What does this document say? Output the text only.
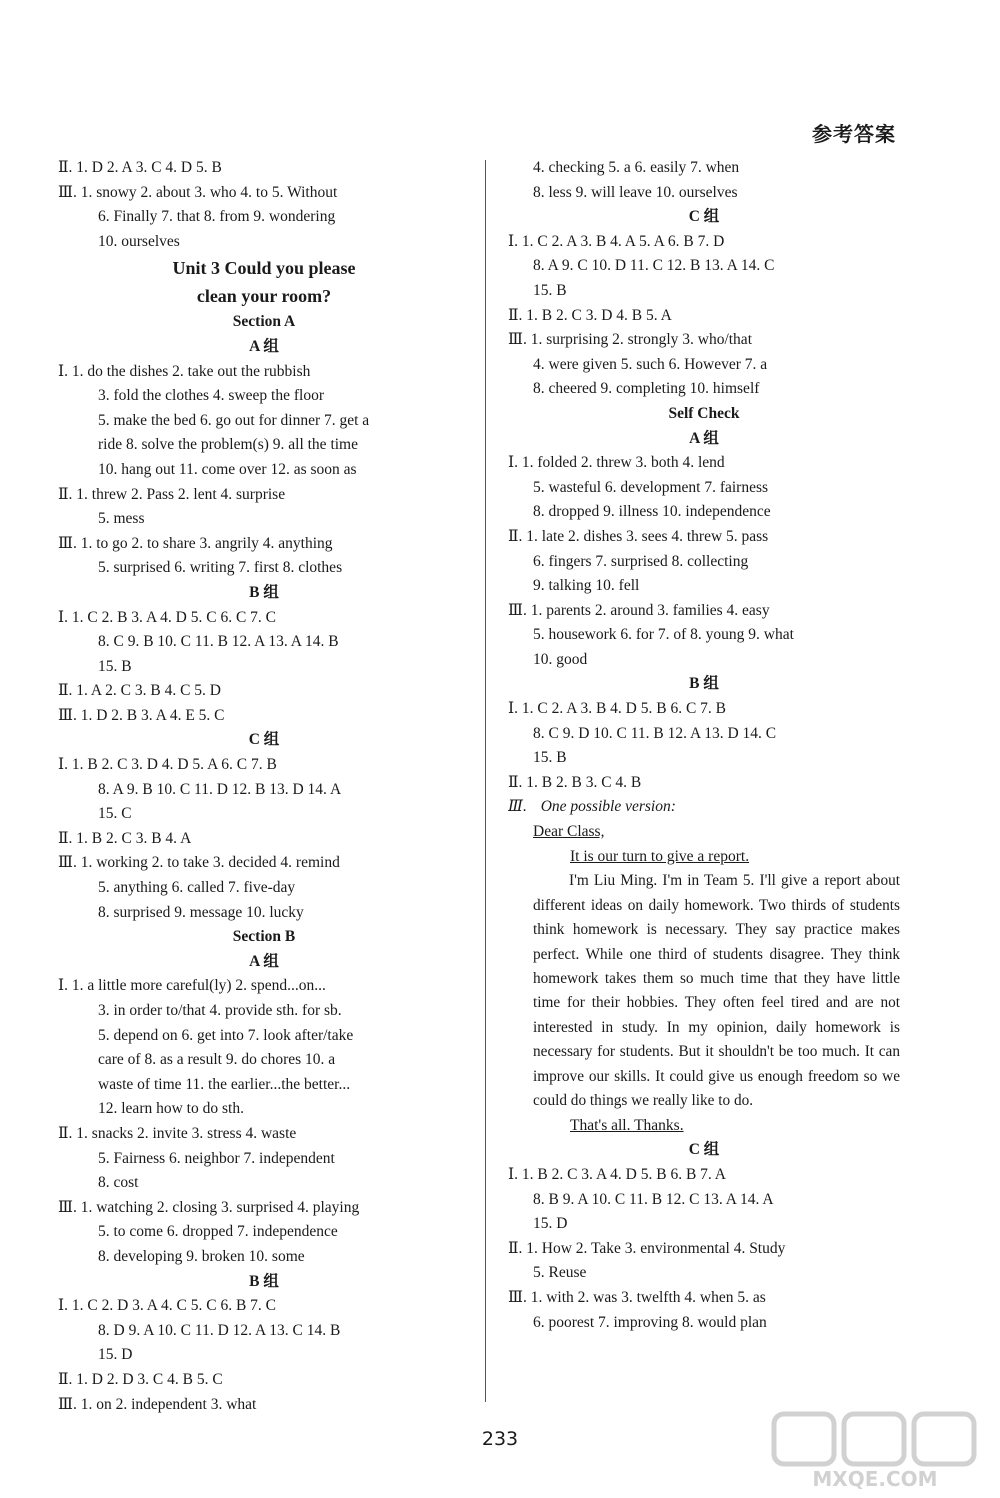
参考答案
Ⅱ. 1. D 2. A 3. C 4. D 5. B
Ⅲ. 1. snowy 2. about 3. who 4. to 5. Without
6. Finally 7. that 8. from 9. wondering
10. ourselves
Unit 3 Could you please
clean your room?
Section A
A 组
Ⅰ. 1. do the dishes 2. take out the rubbish
3. fold the clothes 4. sweep the floor
5. make the bed 6. go out for dinner 7. get a
ride 8. solve the problem(s) 9. all the time
10. hang out 11. come over 12. as soon as
Ⅱ. 1. threw 2. Pass 2. lent 4. surprise
5. mess
Ⅲ. 1. to go 2. to share 3. angrily 4. anything
5. surprised 6. writing 7. first 8. clothes
B 组
Ⅰ. 1. C 2. B 3. A 4. D 5. C 6. C 7. C
8. C 9. B 10. C 11. B 12. A 13. A 14. B
15. B
Ⅱ. 1. A 2. C 3. B 4. C 5. D
Ⅲ. 1. D 2. B 3. A 4. E 5. C
C 组
Ⅰ. 1. B 2. C 3. D 4. D 5. A 6. C 7. B
8. A 9. B 10. C 11. D 12. B 13. D 14. A
15. C
Ⅱ. 1. B 2. C 3. B 4. A
Ⅲ. 1. working 2. to take 3. decided 4. remind
5. anything 6. called 7. five-day
8. surprised 9. message 10. lucky
Section B
A 组
Ⅰ. 1. a little more careful(ly) 2. spend...on...
3. in order to/that 4. provide sth. for sb.
5. depend on 6. get into 7. look after/take
care of 8. as a result 9. do chores 10. a
waste of time 11. the earlier...the better...
12. learn how to do sth.
Ⅱ. 1. snacks 2. invite 3. stress 4. waste
5. Fairness 6. neighbor 7. independent
8. cost
Ⅲ. 1. watching 2. closing 3. surprised 4. playing
5. to come 6. dropped 7. independence
8. developing 9. broken 10. some
B 组
Ⅰ. 1. C 2. D 3. A 4. C 5. C 6. B 7. C
8. D 9. A 10. C 11. D 12. A 13. C 14. B
15. D
Ⅱ. 1. D 2. D 3. C 4. B 5. C
Ⅲ. 1. on 2. independent 3. what
4. checking 5. a 6. easily 7. when
8. less 9. will leave 10. ourselves
C 组
Ⅰ. 1. C 2. A 3. B 4. A 5. A 6. B 7. D
8. A 9. C 10. D 11. C 12. B 13. A 14. C
15. B
Ⅱ. 1. B 2. C 3. D 4. B 5. A
Ⅲ. 1. surprising 2. strongly 3. who/that
4. were given 5. such 6. However 7. a
8. cheered 9. completing 10. himself
Self Check
A 组
Ⅰ. 1. folded 2. threw 3. both 4. lend
5. wasteful 6. development 7. fairness
8. dropped 9. illness 10. independence
Ⅱ. 1. late 2. dishes 3. sees 4. threw 5. pass
6. fingers 7. surprised 8. collecting
9. talking 10. fell
Ⅲ. 1. parents 2. around 3. families 4. easy
5. housework 6. for 7. of 8. young 9. what
10. good
B 组
Ⅰ. 1. C 2. A 3. B 4. D 5. B 6. C 7. B
8. C 9. D 10. C 11. B 12. A 13. D 14. C
15. B
Ⅱ. 1. B 2. B 3. C 4. B
Ⅲ. One possible version:
Dear Class,
It is our turn to give a report.

I'm Liu Ming. I'm in Team 5. I'll give a report about different ideas on daily homework. Two thirds of students think homework is necessary. They say practice makes perfect. While one third of students disagree. They think homework takes them so much time that they have little time for their hobbies. They often feel tired and are not interested in study. In my opinion, daily homework is necessary for students. But it shouldn't be too much. It can improve our skills. It could give us enough freedom so we could do things we really like to do.

That's all. Thanks.
C 组
Ⅰ. 1. B 2. C 3. A 4. D 5. B 6. B 7. A
8. B 9. A 10. C 11. B 12. C 13. A 14. A
15. D
Ⅱ. 1. How 2. Take 3. environmental 4. Study
5. Reuse
Ⅲ. 1. with 2. was 3. twelfth 4. when 5. as
6. poorest 7. improving 8. would plan
233
MXQE.COM
